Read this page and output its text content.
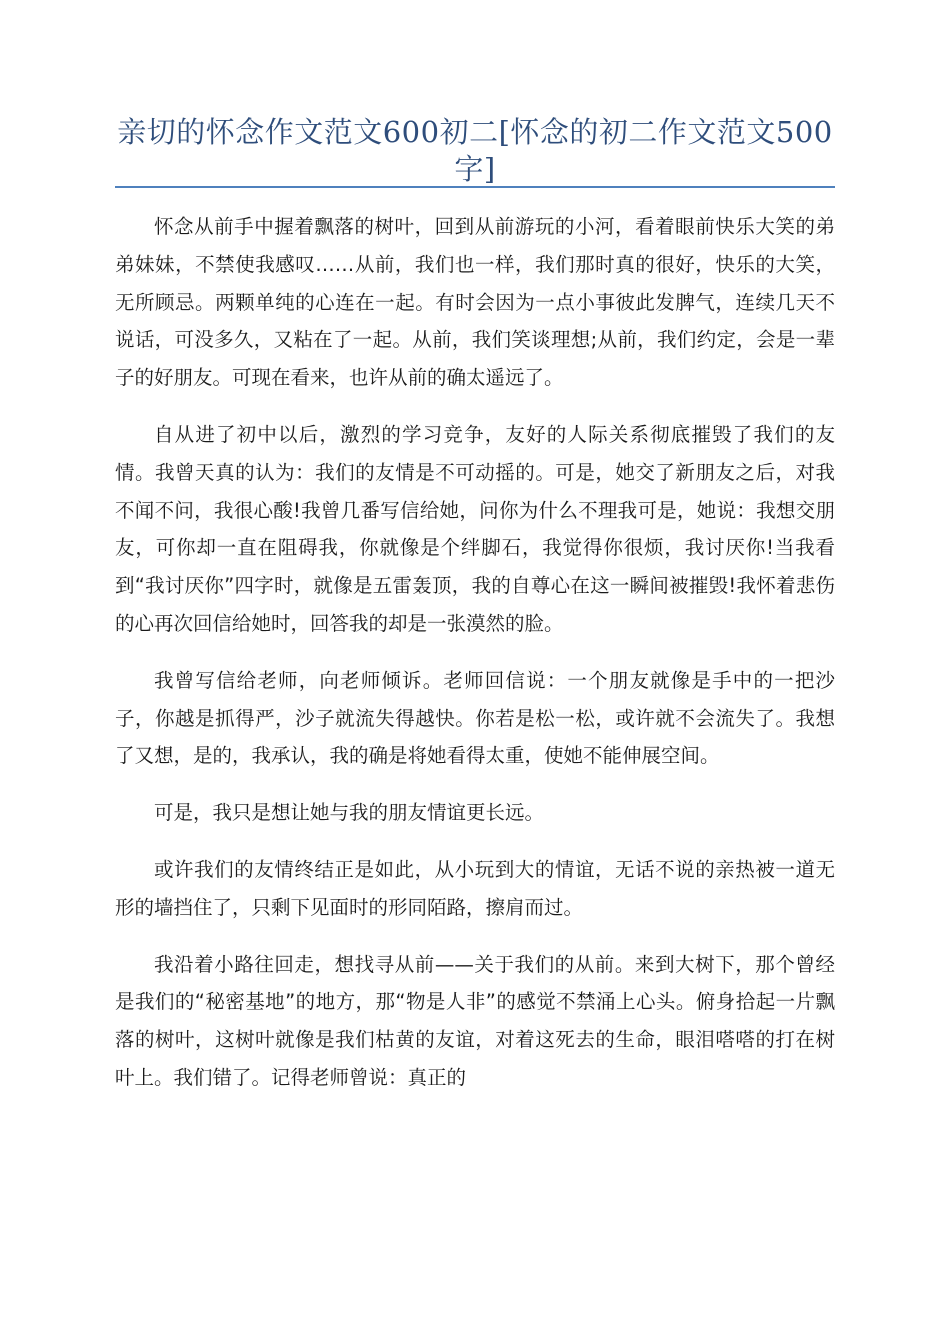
亲切的怀念作文范文600初二[怀念的初二作文范文500字]

怀念从前手中握着飘落的树叶，回到从前游玩的小河，看着眼前快乐大笑的弟弟妹妹，不禁使我感叹……从前，我们也一样，我们那时真的很好，快乐的大笑，无所顾忌。两颗单纯的心连在一起。有时会因为一点小事彼此发脾气，连续几天不说话，可没多久，又粘在了一起。从前，我们笑谈理想;从前，我们约定，会是一辈子的好朋友。可现在看来，也许从前的确太遥远了。

自从进了初中以后，激烈的学习竞争，友好的人际关系彻底摧毁了我们的友情。我曾天真的认为：我们的友情是不可动摇的。可是，她交了新朋友之后，对我不闻不问，我很心酸!我曾几番写信给她，问你为什么不理我可是，她说：我想交朋友，可你却一直在阻碍我，你就像是个绊脚石，我觉得你很烦，我讨厌你!当我看到“我讨厌你”四字时，就像是五雷轰顶，我的自尊心在这一瞬间被摧毁!我怀着悲伤的心再次回信给她时，回答我的却是一张漠然的脸。

我曾写信给老师，向老师倾诉。老师回信说：一个朋友就像是手中的一把沙子，你越是抓得严，沙子就流失得越快。你若是松一松，或许就不会流失了。我想了又想，是的，我承认，我的确是将她看得太重，使她不能伸展空间。

可是，我只是想让她与我的朋友情谊更长远。

或许我们的友情终结正是如此，从小玩到大的情谊，无话不说的亲热被一道无形的墙挡住了，只剩下见面时的形同陌路，擦肩而过。

我沿着小路往回走，想找寻从前——关于我们的从前。来到大树下，那个曾经是我们的“秘密基地”的地方，那“物是人非”的感觉不禁涌上心头。俯身拾起一片飘落的树叶，这树叶就像是我们枯黄的友谊，对着这死去的生命，眼泪嗒嗒的打在树叶上。我们错了。记得老师曾说：真正的
